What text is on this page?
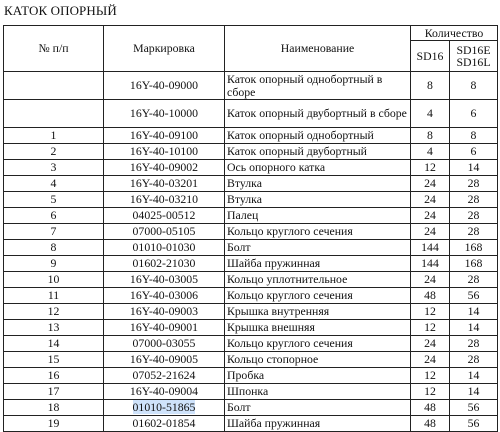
КАТОК ОПОРНЫЙ
№ п/п	Маркировка	Наименование	Количество	
			SD16	SD16E
SD16L
	16Y-40-09000	Каток опорный однобортный в сборе	8	8
	16Y-40-10000	Каток опорный двубортный в сборе	4	6
1	16Y-40-09100	Каток опорный однобортный	8	8
2	16Y-40-10100	Каток опорный двубортный	4	6
3	16Y-40-09002	Ось опорного катка	12	14
4	16Y-40-03201	Втулка	24	28
5	16Y-40-03210	Втулка	24	28
6	04025-00512	Палец	24	28
7	07000-05105	Кольцо круглого сечения	24	28
8	01010-01030	Болт	144	168
9	01602-21030	Шайба пружинная	144	168
10	16Y-40-03005	Кольцо уплотнительное	24	28
11	16Y-40-03006	Кольцо круглого сечения	48	56
12	16Y-40-09003	Крышка внутренняя	12	14
13	16Y-40-09001	Крышка внешняя	12	14
14	07000-03055	Кольцо круглого сечения	24	28
15	16Y-40-09005	Кольцо стопорное	24	28
16	07052-21624	Пробка	12	14
17	16Y-40-09004	Шпонка	12	14
18	01010-51865	Болт	48	56
19	01602-01854	Шайба пружинная	48	56
